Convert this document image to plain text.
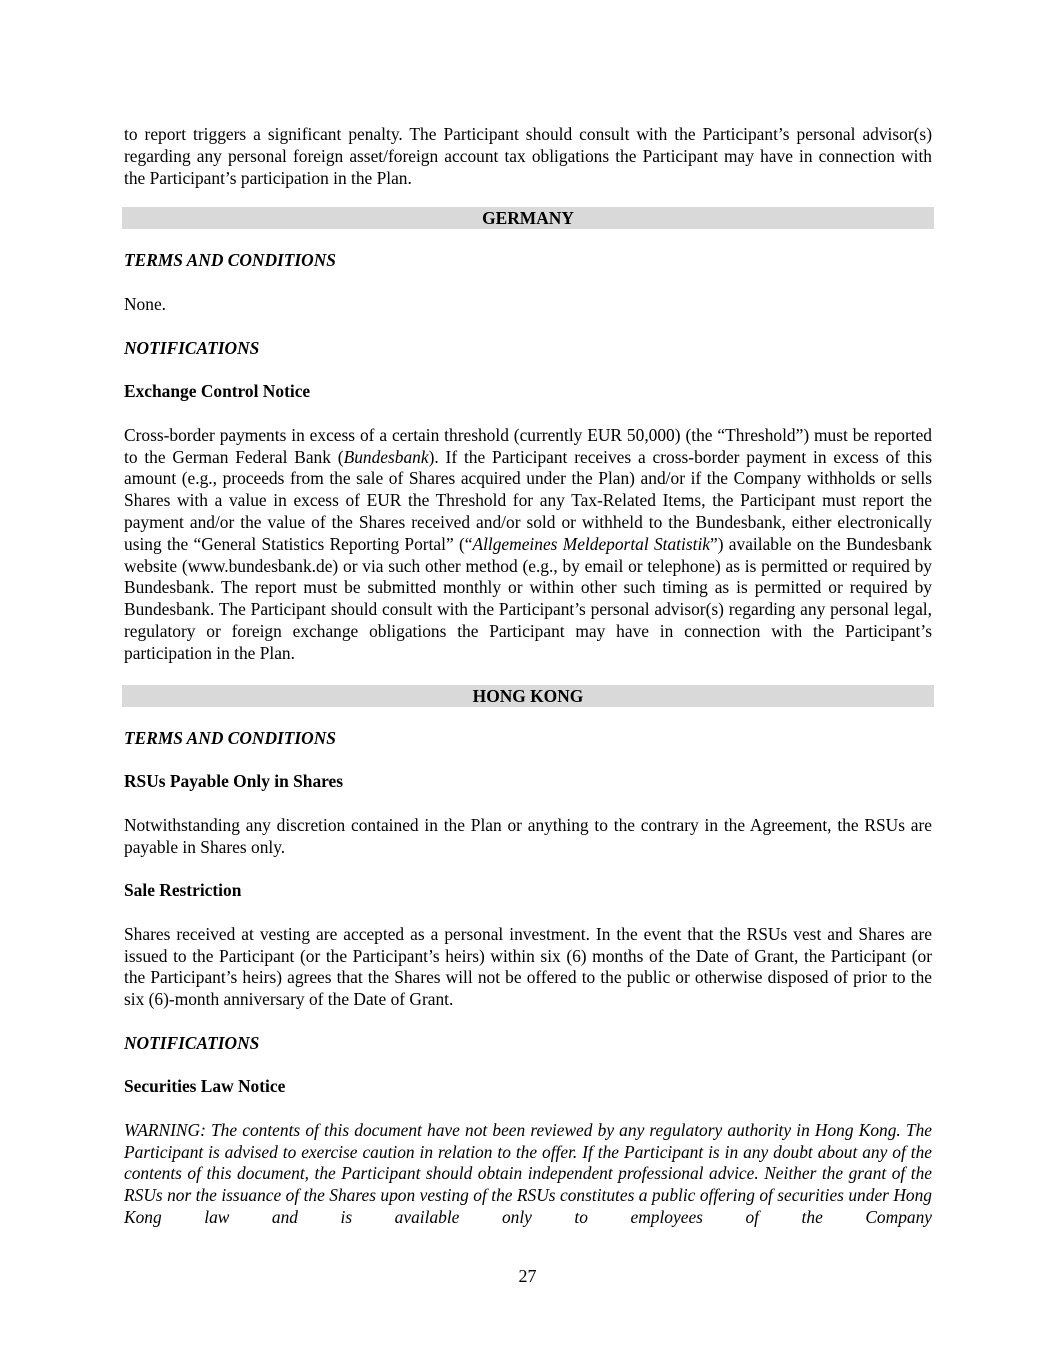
to report triggers a significant penalty. The Participant should consult with the Participant’s personal advisor(s) regarding any personal foreign asset/foreign account tax obligations the Participant may have in connection with the Participant’s participation in the Plan.

GERMANY

TERMS AND CONDITIONS

None.

NOTIFICATIONS

Exchange Control Notice

Cross-border payments in excess of a certain threshold (currently EUR 50,000) (the “Threshold”) must be reported to the German Federal Bank (Bundesbank). If the Participant receives a cross-border payment in excess of this amount (e.g., proceeds from the sale of Shares acquired under the Plan) and/or if the Company withholds or sells Shares with a value in excess of EUR the Threshold for any Tax-Related Items, the Participant must report the payment and/or the value of the Shares received and/or sold or withheld to the Bundesbank, either electronically using the “General Statistics Reporting Portal” (“Allgemeines Meldeportal Statistik”) available on the Bundesbank website (www.bundesbank.de) or via such other method (e.g., by email or telephone) as is permitted or required by Bundesbank. The report must be submitted monthly or within other such timing as is permitted or required by Bundesbank. The Participant should consult with the Participant’s personal advisor(s) regarding any personal legal, regulatory or foreign exchange obligations the Participant may have in connection with the Participant’s participation in the Plan.

HONG KONG

TERMS AND CONDITIONS

RSUs Payable Only in Shares

Notwithstanding any discretion contained in the Plan or anything to the contrary in the Agreement, the RSUs are payable in Shares only.

Sale Restriction

Shares received at vesting are accepted as a personal investment. In the event that the RSUs vest and Shares are issued to the Participant (or the Participant’s heirs) within six (6) months of the Date of Grant, the Participant (or the Participant’s heirs) agrees that the Shares will not be offered to the public or otherwise disposed of prior to the six (6)-month anniversary of the Date of Grant.

NOTIFICATIONS

Securities Law Notice

WARNING: The contents of this document have not been reviewed by any regulatory authority in Hong Kong. The Participant is advised to exercise caution in relation to the offer. If the Participant is in any doubt about any of the contents of this document, the Participant should obtain independent professional advice. Neither the grant of the RSUs nor the issuance of the Shares upon vesting of the RSUs constitutes a public offering of securities under Hong Kong law and is available only to employees of the Company

27
